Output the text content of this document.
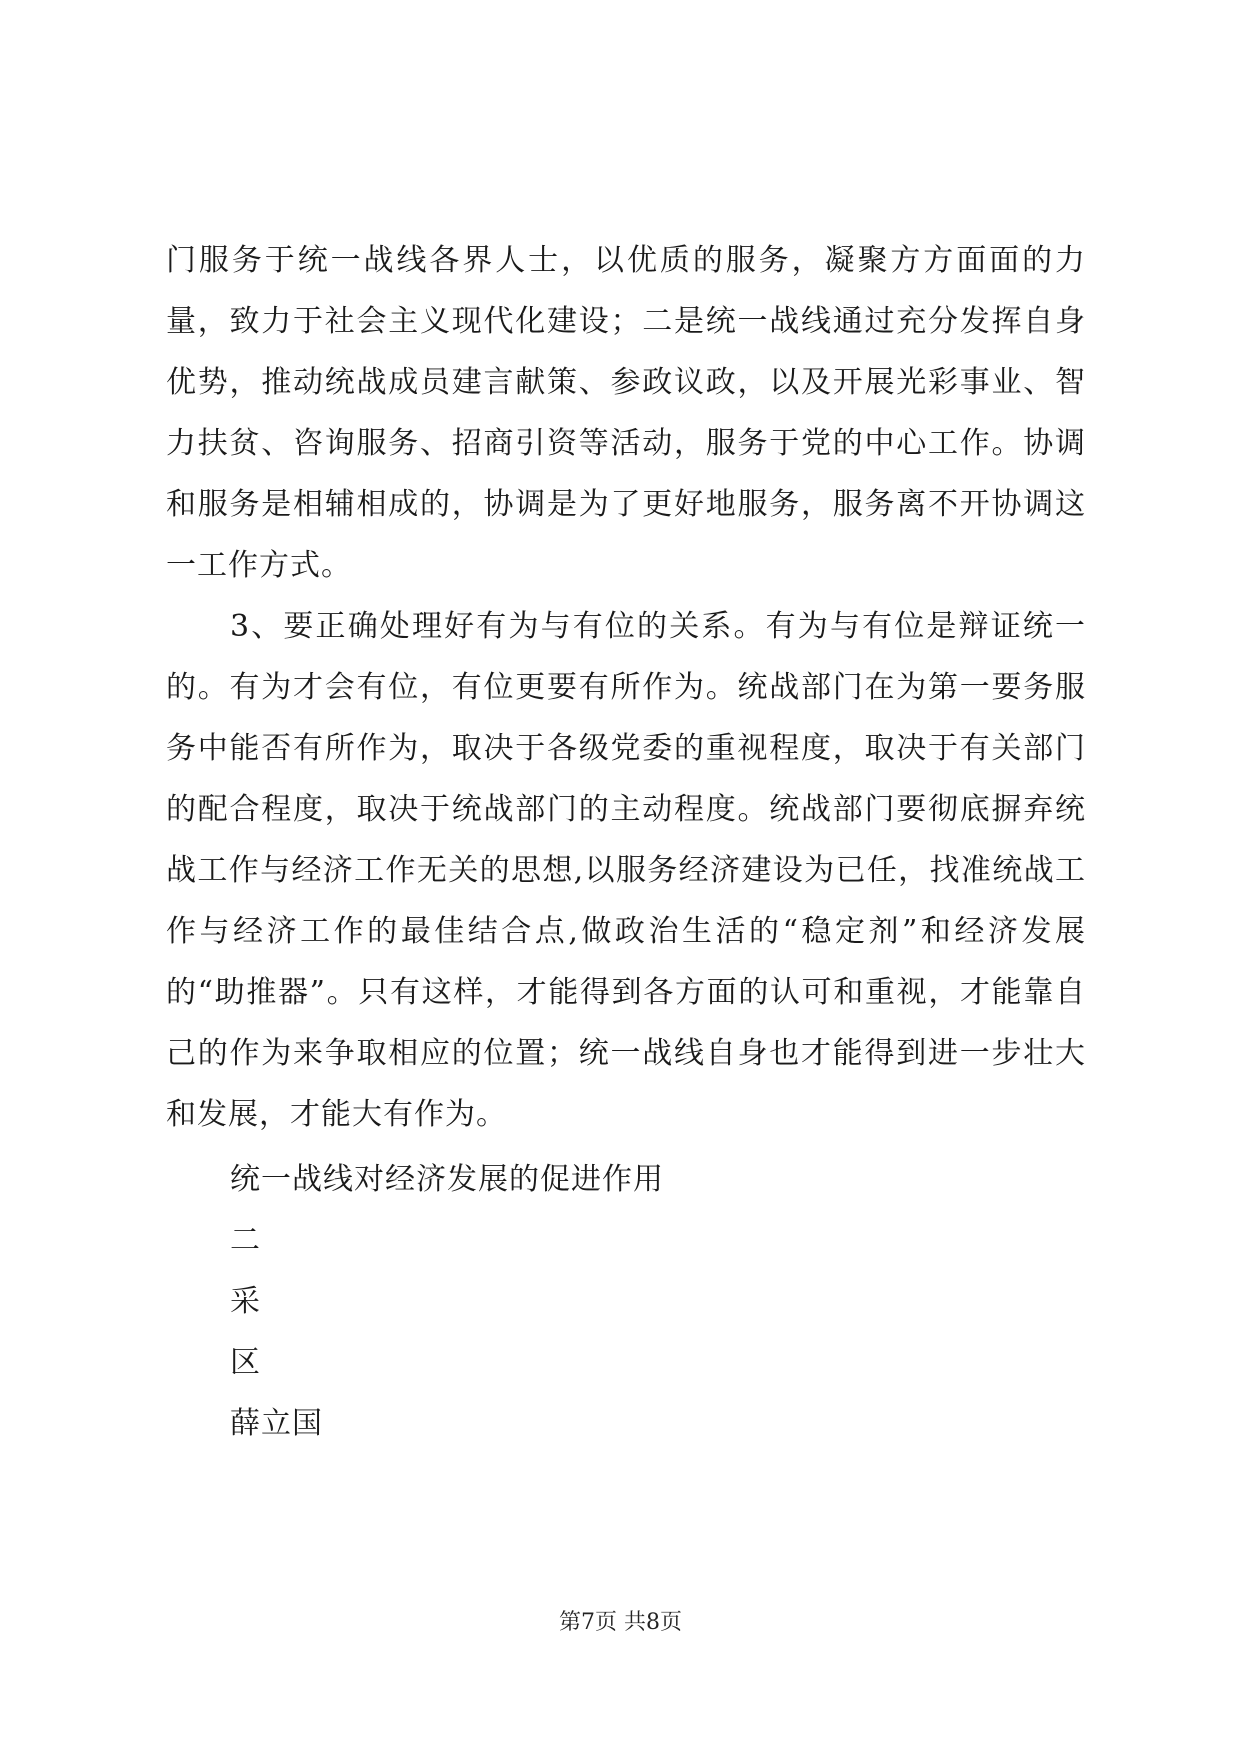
门服务于统一战线各界人士，以优质的服务，凝聚方方面面的力量，致力于社会主义现代化建设；二是统一战线通过充分发挥自身优势，推动统战成员建言献策、参政议政，以及开展光彩事业、智力扶贫、咨询服务、招商引资等活动，服务于党的中心工作。协调和服务是相辅相成的，协调是为了更好地服务，服务离不开协调这一工作方式。

3、要正确处理好有为与有位的关系。有为与有位是辩证统一的。有为才会有位，有位更要有所作为。统战部门在为第一要务服务中能否有所作为，取决于各级党委的重视程度，取决于有关部门的配合程度，取决于统战部门的主动程度。统战部门要彻底摒弃统战工作与经济工作无关的思想,以服务经济建设为已任，找准统战工作与经济工作的最佳结合点,做政治生活的“稳定剂”和经济发展的“助推器”。只有这样，才能得到各方面的认可和重视，才能靠自己的作为来争取相应的位置；统一战线自身也才能得到进一步壮大和发展，才能大有作为。

统一战线对经济发展的促进作用

二

采

区

薛立国

第7页 共8页
